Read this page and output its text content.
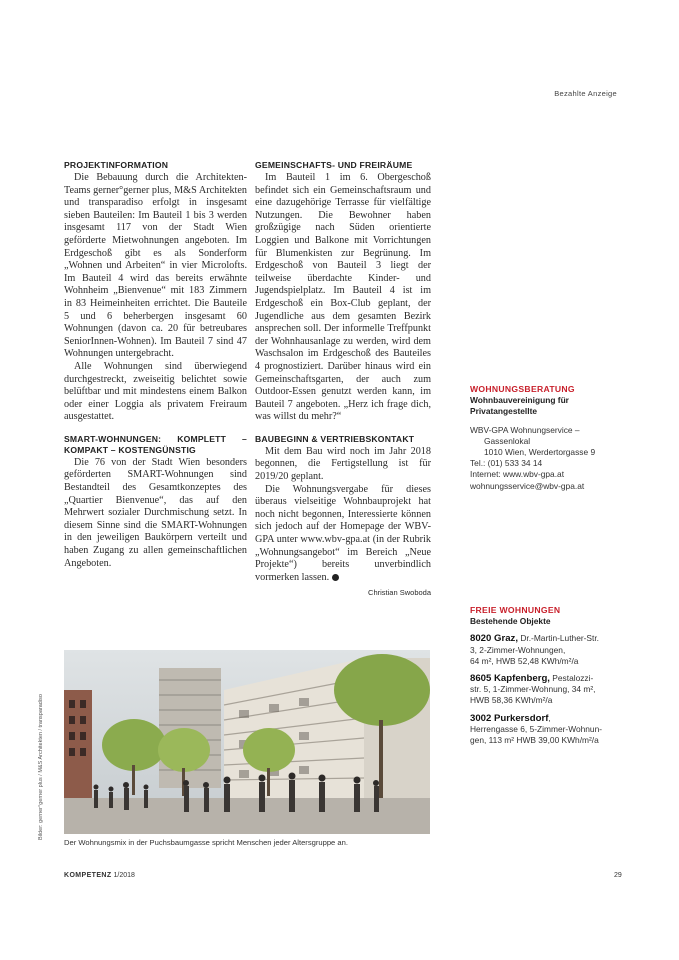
Bezahlte Anzeige
PROJEKTINFORMATION

Die Bebauung durch die Architekten-Teams gerner°gerner plus, M&S Architekten und transparadiso erfolgt in insgesamt sieben Bauteilen: Im Bauteil 1 bis 3 werden insgesamt 117 von der Stadt Wien geförderte Mietwohnungen angeboten. Im Erdgeschoß gibt es als Sonderform „Wohnen und Arbeiten“ in vier Microlofts. Im Bauteil 4 wird das bereits erwähnte Wohnheim „Bienvenue“ mit 183 Zimmern in 83 Heimeinheiten errichtet. Die Bauteile 5 und 6 beherbergen insgesamt 60 Wohnungen (davon ca. 20 für betreubares SeniorInnen-Wohnen). Im Bauteil 7 sind 47 Wohnungen untergebracht.

Alle Wohnungen sind überwiegend durchgestreckt, zweiseitig belichtet sowie belüftbar und mit mindestens einem Balkon oder einer Loggia als privatem Freiraum ausgestattet.

SMART-WOHNUNGEN: KOMPLETT – KOMPAKT – KOSTENGÜNSTIG

Die 76 von der Stadt Wien besonders geförderten SMART-Wohnungen sind Bestandteil des Gesamtkonzeptes des „Quartier Bienvenue“, das auf den Mehrwert sozialer Durchmischung setzt. In diesem Sinne sind die SMART-Wohnungen in den jeweiligen Baukörpern verteilt und haben Zugang zu allen gemeinschaftlichen Angeboten.

GEMEINSCHAFTS- UND FREIRÄUME

Im Bauteil 1 im 6. Obergeschoß befindet sich ein Gemeinschaftsraum und eine dazugehörige Terrasse für vielfältige Nutzungen. Die Bewohner haben großzügige nach Süden orientierte Loggien und Balkone mit Vorrichtungen für Blumenkisten zur Begrünung. Im Erdgeschoß von Bauteil 3 liegt der teilweise überdachte Kinder- und Jugendspielplatz. Im Bauteil 4 ist im Erdgeschoß ein Box-Club geplant, der Jugendliche aus dem gesamten Bezirk ansprechen soll. Der informelle Treffpunkt der Wohnhausanlage zu werden, wird dem Waschsalon im Erdgeschoß des Bauteiles 4 prognostiziert. Darüber hinaus wird ein Gemeinschaftsgarten, der auch zum Outdoor-Essen genutzt werden kann, im Bauteil 7 angeboten. „Herz ich frage dich, was willst du mehr?“

BAUBEGINN & VERTRIEBSKONTAKT

Mit dem Bau wird noch im Jahr 2018 begonnen, die Fertigstellung ist für 2019/20 geplant.

Die Wohnungsvergabe für dieses überaus vielseitige Wohnbauprojekt hat noch nicht begonnen, Interessierte können sich jedoch auf der Homepage der WBV-GPA unter www.wbv-gpa.at (in der Rubrik „Wohnungsangebot“ im Bereich „Neue Projekte“) bereits unverbindlich vormerken lassen.

Christian Swoboda
WOHNUNGSBERATUNG
Wohnbauvereinigung für
Privatangestellte
WBV-GPA Wohnungservice –
Gassenlokal
1010 Wien, Werdertorgasse 9
Tel.: (01) 533 34 14
Internet: www.wbv-gpa.at
wohnungsservice@wbv-gpa.at
FREIE WOHNUNGEN
Bestehende Objekte
8020 Graz, Dr.-Martin-Luther-Str.
3, 2-Zimmer-Wohnungen,
64 m², HWB 52,48 KWh/m²/a
8605 Kapfenberg, Pestalozzi-
str. 5, 1-Zimmer-Wohnung, 34 m²,
HWB 58,36 KWh/m²/a
3002 Purkersdorf,
Herrengasse 6, 5-Zimmer-Wohnun-
gen, 113 m² HWB 39,00 KWh/m²/a
Bilder: gerner°gerner plus / M&S Architekten / transparadiso
Der Wohnungsmix in der Puchsbaumgasse spricht Menschen jeder Altersgruppe an.
KOMPETENZ 1/2018	29
